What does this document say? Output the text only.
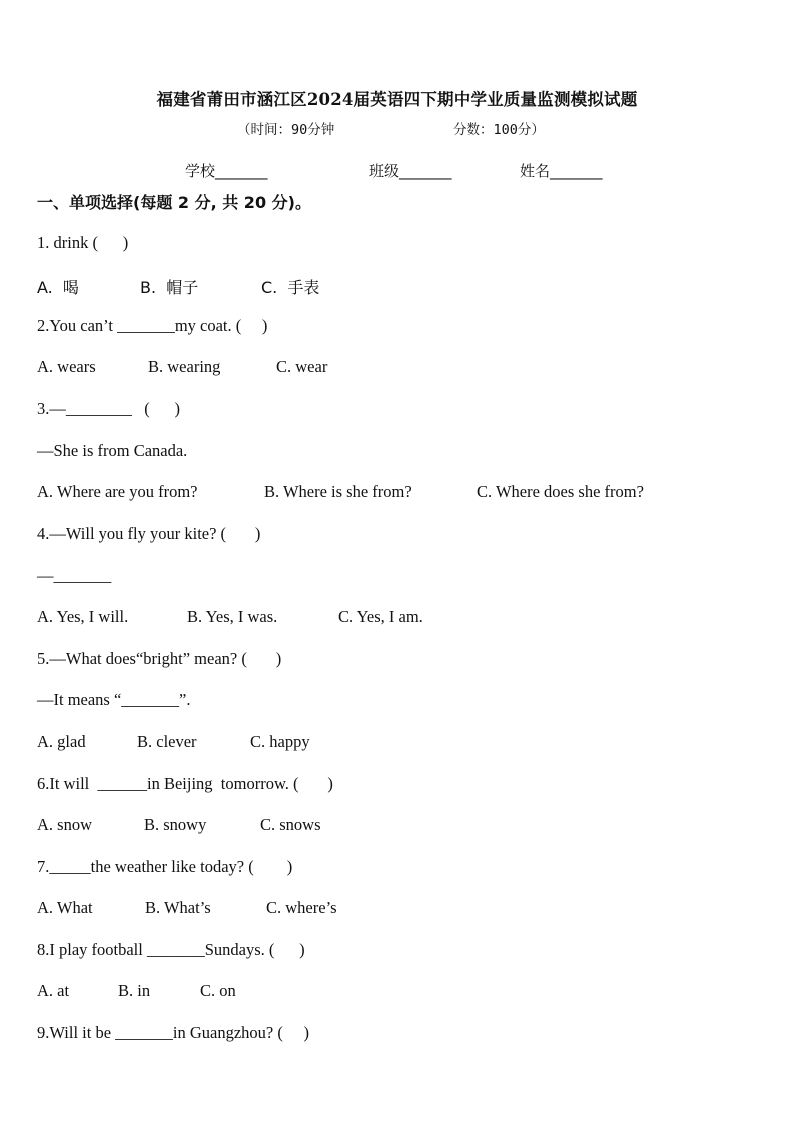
福建省莆田市涵江区2024届英语四下期中学业质量监测模拟试题
（时间：90分钟	分数：100分）
学校_______	班级_______	姓名_______
一、单项选择(每题 2 分, 共 20 分)。
1. drink (      )
A.  喝	B.  帽子	C.  手表
2.You can’t _______my coat. (     )
A. wears	B. wearing	C. wear
3.—________   (      )
—She is from Canada.
A. Where are you from?	B. Where is she from?	C. Where does she from?
4.—Will you fly your kite? (       )
—_______
A. Yes, I will.	B. Yes, I was.	C. Yes, I am.
5.—What does“bright” mean? (       )
—It means “_______”.
A. glad	B. clever	C. happy
6.It will  ______in Beijing  tomorrow. (       )
A. snow	B. snowy	C. snows
7._____the weather like today? (        )
A. What	B. What’s	C. where’s
8.I play football _______Sundays. (      )
A. at	B. in	C. on
9.Will it be _______in Guangzhou? (     )
